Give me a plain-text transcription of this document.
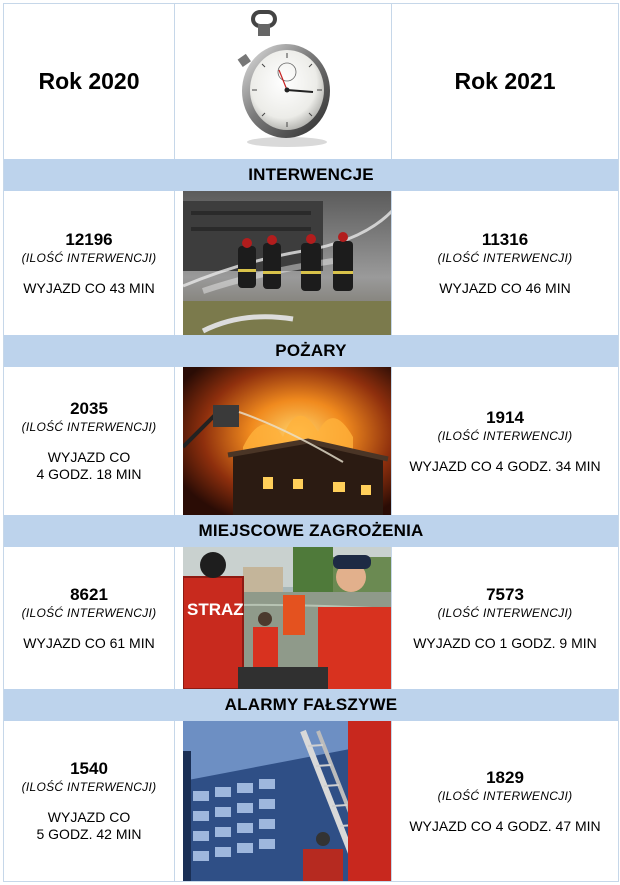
Rok 2020	Rok 2021
INTERWENCJE
12196
(ILOŚĆ INTERWENCJI)
WYJAZD CO 43 MIN
11316
(ILOŚĆ INTERWENCJI)
WYJAZD CO 46 MIN
POŻARY
2035
(ILOŚĆ INTERWENCJI)
WYJAZD CO
4 GODZ. 18 MIN
1914
(ILOŚĆ INTERWENCJI)
WYJAZD CO 4 GODZ. 34 MIN
MIEJSCOWE ZAGROŻENIA
8621
(ILOŚĆ INTERWENCJI)
WYJAZD CO 61 MIN
STRAZ
7573
(ILOŚĆ INTERWENCJI)
WYJAZD CO 1 GODZ. 9 MIN
ALARMY FAŁSZYWE
1540
(ILOŚĆ INTERWENCJI)
WYJAZD CO
5 GODZ. 42 MIN
1829
(ILOŚĆ INTERWENCJI)
WYJAZD CO 4 GODZ. 47 MIN
